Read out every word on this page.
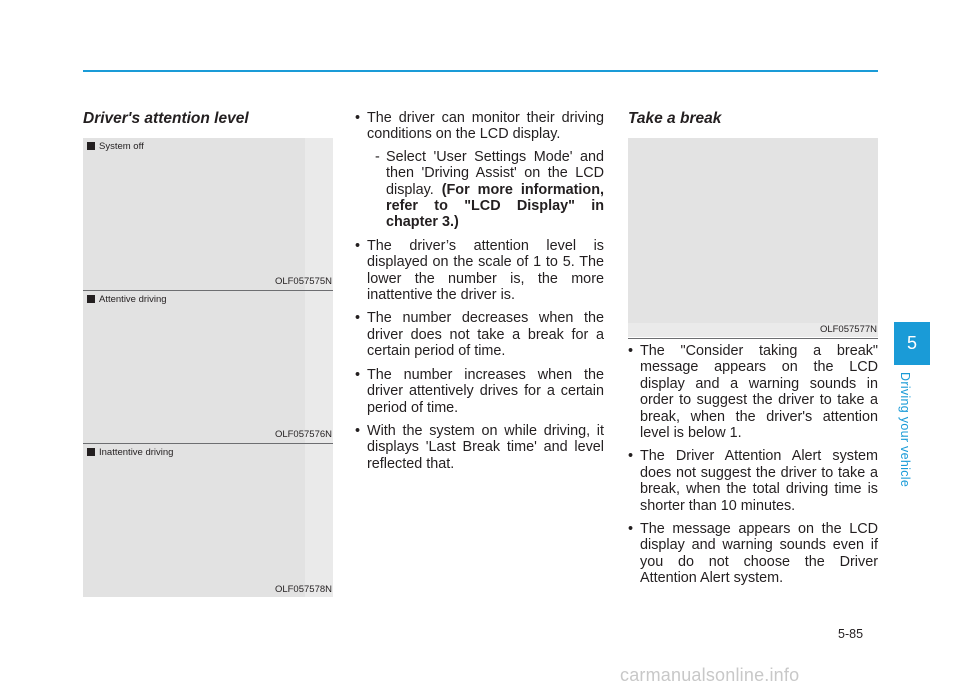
Driver's attention level
System off
OLF057575N
Attentive driving
OLF057576N
Inattentive driving
OLF057578N
• The driver can monitor their driving conditions on the LCD display.
- Select 'User Settings Mode' and then 'Driving Assist' on the LCD display. (For more information, refer to "LCD Display" in chapter 3.)
• The driver’s attention level is displayed on the scale of 1 to 5. The lower the number is, the more inattentive the driver is.
• The number decreases when the driver does not take a break for a certain period of time.
• The number increases when the driver attentively drives for a certain period of time.
• With the system on while driving, it displays 'Last Break time' and level reflected that.
Take a break
OLF057577N
• The "Consider taking a break" message appears on the LCD display and a warning sounds in order to suggest the driver to take a break, when the driver's attention level is below 1.
• The Driver Attention Alert system does not suggest the driver to take a break, when the total driving time is shorter than 10 minutes.
• The message appears on the LCD display and warning sounds even if you do not choose the Driver Attention Alert system.
5
Driving your vehicle
5-85
carmanualsonline.info
